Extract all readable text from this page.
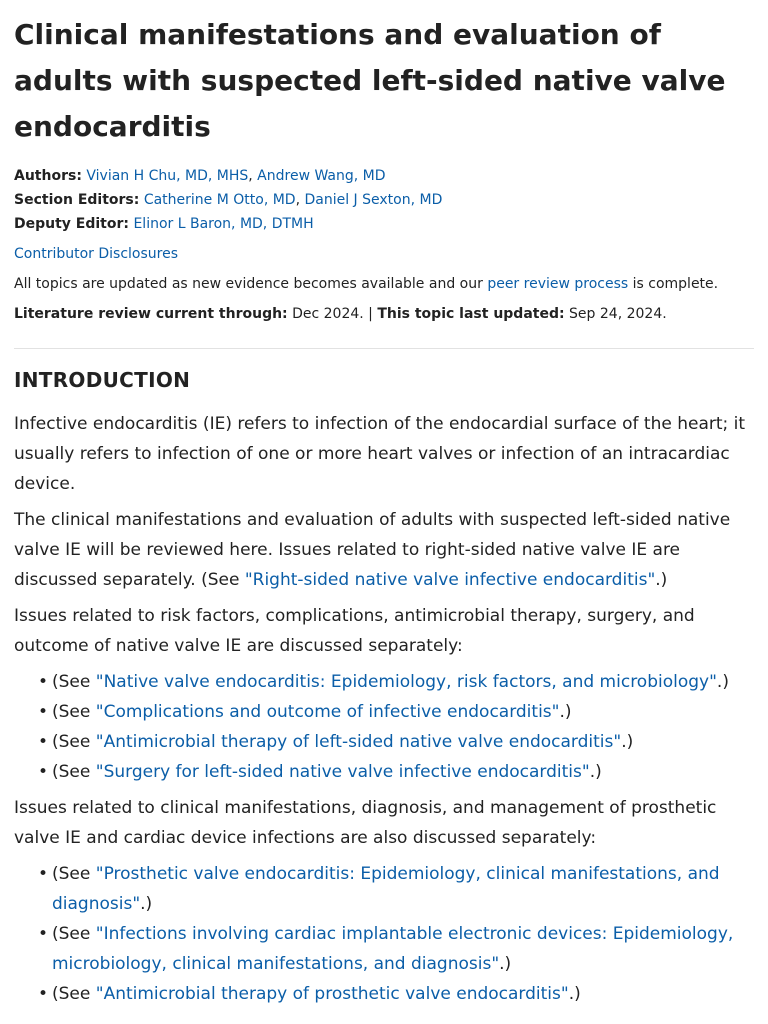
Clinical manifestations and evaluation of adults with suspected left-sided native valve endocarditis
Authors: Vivian H Chu, MD, MHS, Andrew Wang, MD
Section Editors: Catherine M Otto, MD, Daniel J Sexton, MD
Deputy Editor: Elinor L Baron, MD, DTMH
Contributor Disclosures
All topics are updated as new evidence becomes available and our peer review process is complete.
Literature review current through: Dec 2024. | This topic last updated: Sep 24, 2024.
INTRODUCTION

Infective endocarditis (IE) refers to infection of the endocardial surface of the heart; it usually refers to infection of one or more heart valves or infection of an intracardiac device.

The clinical manifestations and evaluation of adults with suspected left-sided native valve IE will be reviewed here. Issues related to right-sided native valve IE are discussed separately. (See "Right-sided native valve infective endocarditis".)

Issues related to risk factors, complications, antimicrobial therapy, surgery, and outcome of native valve IE are discussed separately:

• (See "Native valve endocarditis: Epidemiology, risk factors, and microbiology".)
• (See "Complications and outcome of infective endocarditis".)
• (See "Antimicrobial therapy of left-sided native valve endocarditis".)
• (See "Surgery for left-sided native valve infective endocarditis".)

Issues related to clinical manifestations, diagnosis, and management of prosthetic valve IE and cardiac device infections are also discussed separately:

• (See "Prosthetic valve endocarditis: Epidemiology, clinical manifestations, and diagnosis".)
• (See "Infections involving cardiac implantable electronic devices: Epidemiology, microbiology, clinical manifestations, and diagnosis".)
• (See "Antimicrobial therapy of prosthetic valve endocarditis".)
